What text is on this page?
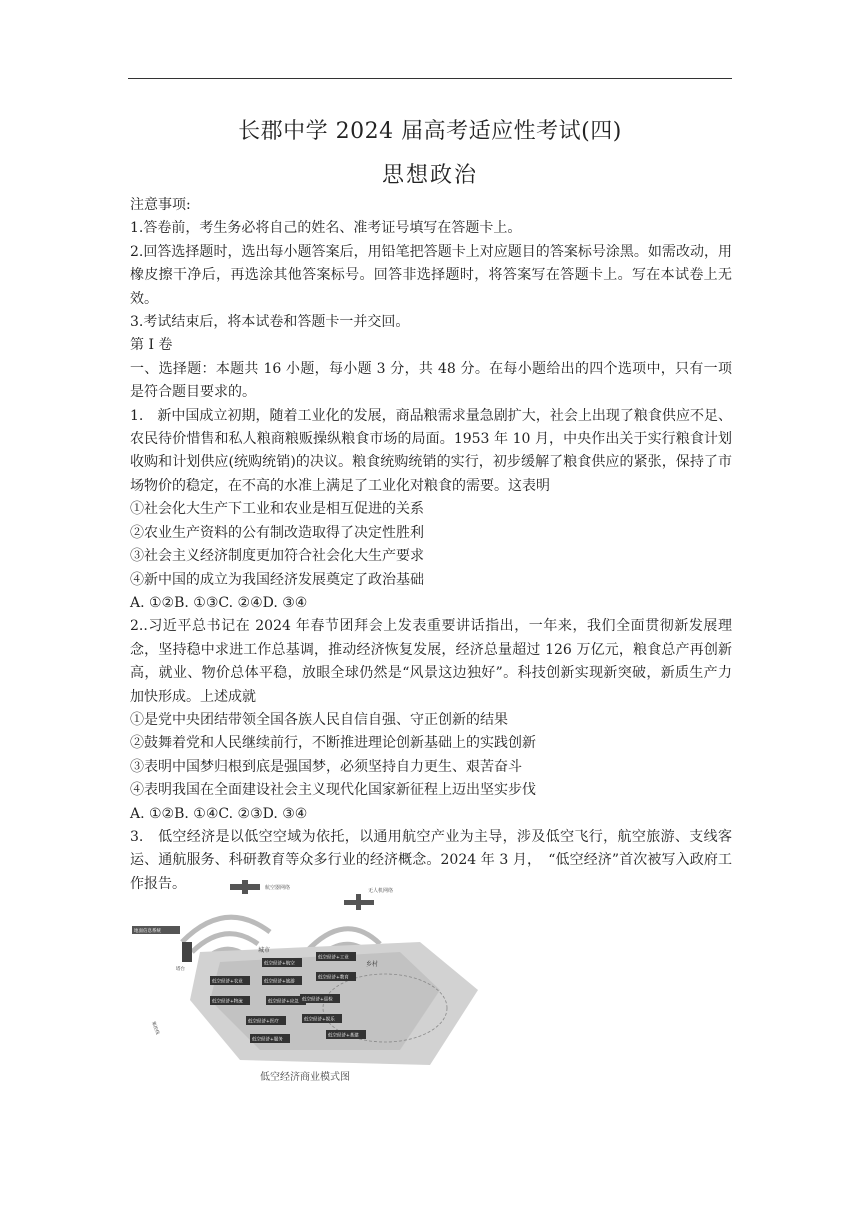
长郡中学 2024 届高考适应性考试(四)
思想政治

注意事项:

1.答卷前，考生务必将自己的姓名、准考证号填写在答题卡上。

2.回答选择题时，选出每小题答案后，用铅笔把答题卡上对应题目的答案标号涂黑。如需改动，用橡皮擦干净后，再选涂其他答案标号。回答非选择题时，将答案写在答题卡上。写在本试卷上无效。

3.考试结束后，将本试卷和答题卡一并交回。

第 I 卷

一、选择题：本题共 16 小题，每小题 3 分，共 48 分。在每小题给出的四个选项中，只有一项是符合题目要求的。

1.　新中国成立初期，随着工业化的发展，商品粮需求量急剧扩大，社会上出现了粮食供应不足、农民待价惜售和私人粮商粮贩操纵粮食市场的局面。1953 年 10 月，中央作出关于实行粮食计划收购和计划供应(统购统销)的决议。粮食统购统销的实行，初步缓解了粮食供应的紧张，保持了市场物价的稳定，在不高的水准上满足了工业化对粮食的需要。这表明

①社会化大生产下工业和农业是相互促进的关系

②农业生产资料的公有制改造取得了决定性胜利

③社会主义经济制度更加符合社会化大生产要求

④新中国的成立为我国经济发展奠定了政治基础

A. ①②B. ①③C. ②④D. ③④

2..习近平总书记在 2024 年春节团拜会上发表重要讲话指出，一年来，我们全面贯彻新发展理念，坚持稳中求进工作总基调，推动经济恢复发展，经济总量超过 126 万亿元，粮食总产再创新高，就业、物价总体平稳，放眼全球仍然是“风景这边独好”。科技创新实现新突破，新质生产力加快形成。上述成就

①是党中央团结带领全国各族人民自信自强、守正创新的结果

②鼓舞着党和人民继续前行，不断推进理论创新基础上的实践创新

③表明中国梦归根到底是强国梦，必须坚持自力更生、艰苦奋斗

④表明我国在全面建设社会主义现代化国家新征程上迈出坚实步伐

A. ①②B. ①④C. ②③D. ③④

3.　低空经济是以低空空域为依托，以通用航空产业为主导，涉及低空飞行，航空旅游、支线客运、通航服务、科研教育等众多行业的经济概念。2024 年 3 月，　“低空经济”首次被写入政府工作报告。	航空器网络	无人机网络
城市
乡村
地面信息系统
塔台
集控线
低空经济+航空
低空经济+工业
低空经济+农业	低空经济+旅游
低空经济+教育
低空经济+物流	低空经济+应急 低空经济+巡检
低空经济+医疗	低空经济+娱乐
低空经济+服务
低空经济+基建
低空经济商业模式图
